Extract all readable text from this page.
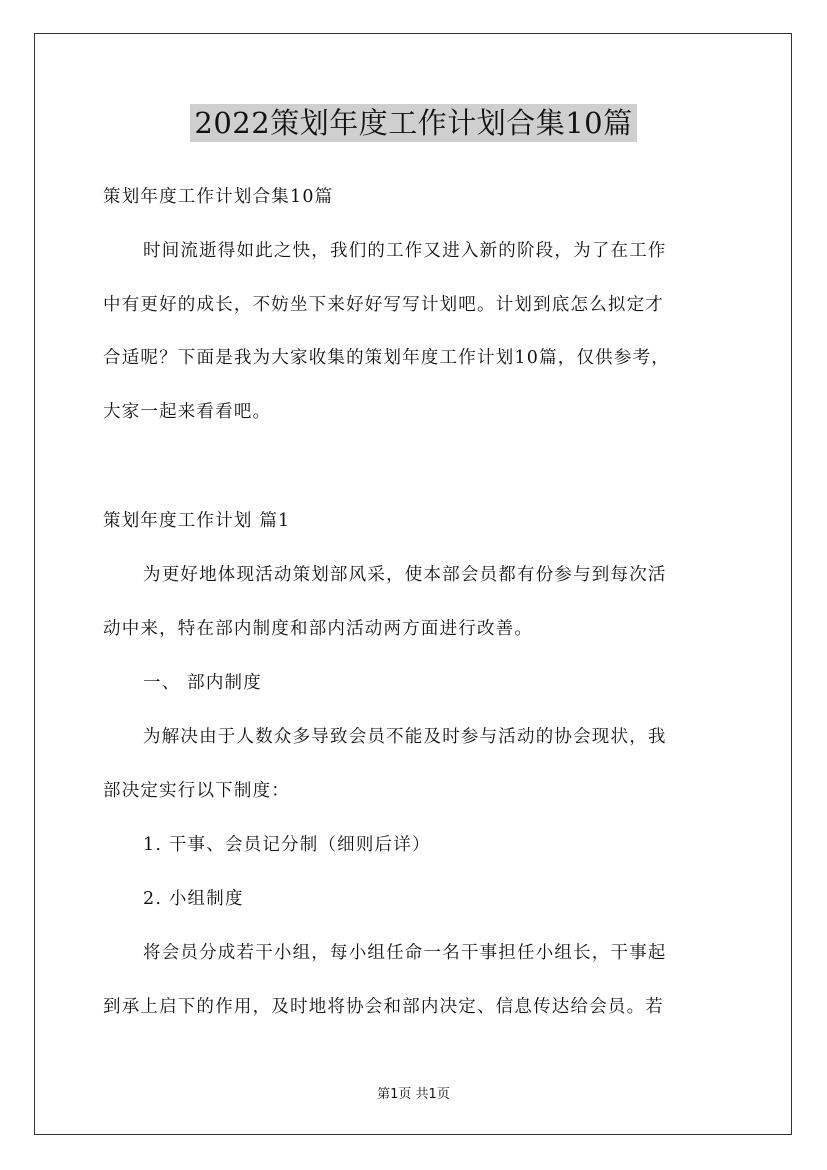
2022策划年度工作计划合集10篇
策划年度工作计划合集10篇
时间流逝得如此之快，我们的工作又进入新的阶段，为了在工作
中有更好的成长，不妨坐下来好好写写计划吧。计划到底怎么拟定才
合适呢？下面是我为大家收集的策划年度工作计划10篇，仅供参考，
大家一起来看看吧。
策划年度工作计划 篇1
为更好地体现活动策划部风采，使本部会员都有份参与到每次活
动中来，特在部内制度和部内活动两方面进行改善。
一、 部内制度
为解决由于人数众多导致会员不能及时参与活动的协会现状，我
部决定实行以下制度：
1. 干事、会员记分制（细则后详）
2. 小组制度
将会员分成若干小组，每小组任命一名干事担任小组长，干事起
到承上启下的作用，及时地将协会和部内决定、信息传达给会员。若
第1页 共1页
